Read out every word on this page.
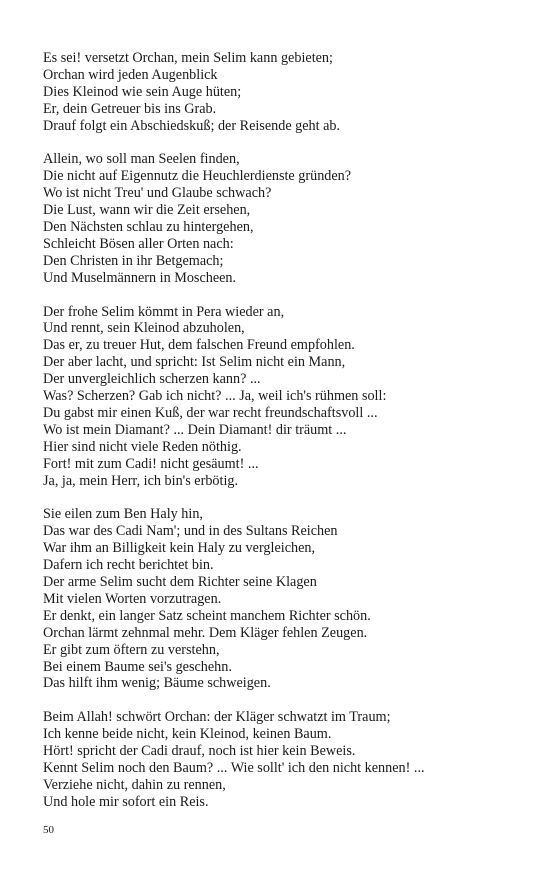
Es sei! versetzt Orchan, mein Selim kann gebieten;
Orchan wird jeden Augenblick
Dies Kleinod wie sein Auge hüten;
Er, dein Getreuer bis ins Grab.
Drauf folgt ein Abschiedskuß; der Reisende geht ab.
Allein, wo soll man Seelen finden,
Die nicht auf Eigennutz die Heuchlerdienste gründen?
Wo ist nicht Treu' und Glaube schwach?
Die Lust, wann wir die Zeit ersehen,
Den Nächsten schlau zu hintergehen,
Schleicht Bösen aller Orten nach:
Den Christen in ihr Betgemach;
Und Muselmännern in Moscheen.
Der frohe Selim kömmt in Pera wieder an,
Und rennt, sein Kleinod abzuholen,
Das er, zu treuer Hut, dem falschen Freund empfohlen.
Der aber lacht, und spricht: Ist Selim nicht ein Mann,
Der unvergleichlich scherzen kann? ...
Was? Scherzen? Gab ich nicht? ... Ja, weil ich's rühmen soll:
Du gabst mir einen Kuß, der war recht freundschaftsvoll ...
Wo ist mein Diamant? ... Dein Diamant! dir träumt ...
Hier sind nicht viele Reden nöthig.
Fort! mit zum Cadi! nicht gesäumt! ...
Ja, ja, mein Herr, ich bin's erbötig.
Sie eilen zum Ben Haly hin,
Das war des Cadi Nam'; und in des Sultans Reichen
War ihm an Billigkeit kein Haly zu vergleichen,
Dafern ich recht berichtet bin.
Der arme Selim sucht dem Richter seine Klagen
Mit vielen Worten vorzutragen.
Er denkt, ein langer Satz scheint manchem Richter schön.
Orchan lärmt zehnmal mehr. Dem Kläger fehlen Zeugen.
Er gibt zum öftern zu verstehn,
Bei einem Baume sei's geschehn.
Das hilft ihm wenig; Bäume schweigen.
Beim Allah! schwört Orchan: der Kläger schwatzt im Traum;
Ich kenne beide nicht, kein Kleinod, keinen Baum.
Hört! spricht der Cadi drauf, noch ist hier kein Beweis.
Kennt Selim noch den Baum? ... Wie sollt' ich den nicht kennen! ...
Verziehe nicht, dahin zu rennen,
Und hole mir sofort ein Reis.
50
